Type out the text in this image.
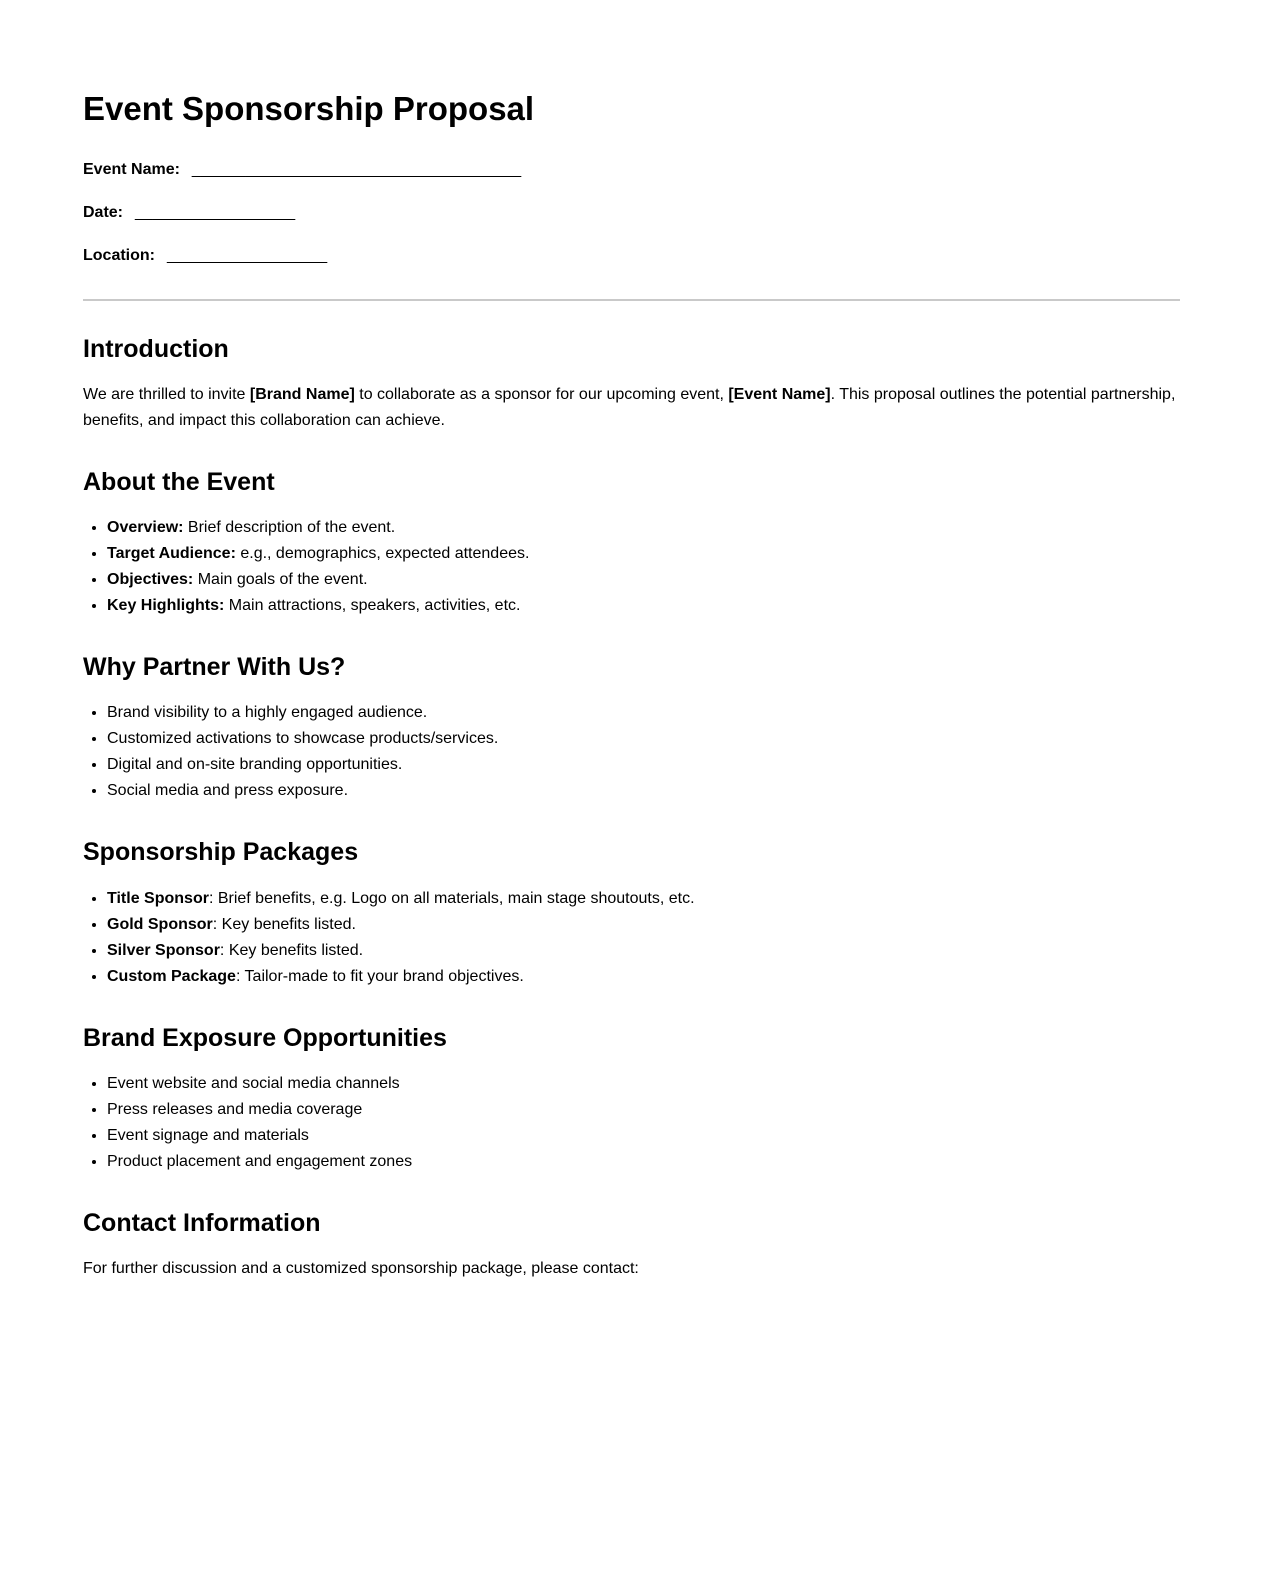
Event Sponsorship Proposal

Event Name: _____________________________________

Date: __________________

Location: __________________

Introduction

We are thrilled to invite [Brand Name] to collaborate as a sponsor for our upcoming event, [Event Name]. This proposal outlines the potential partnership, benefits, and impact this collaboration can achieve.

About the Event
• Overview: Brief description of the event.
• Target Audience: e.g., demographics, expected attendees.
• Objectives: Main goals of the event.
• Key Highlights: Main attractions, speakers, activities, etc.
Why Partner With Us?
• Brand visibility to a highly engaged audience.
• Customized activations to showcase products/services.
• Digital and on-site branding opportunities.
• Social media and press exposure.
Sponsorship Packages
• Title Sponsor: Brief benefits, e.g. Logo on all materials, main stage shoutouts, etc.
• Gold Sponsor: Key benefits listed.
• Silver Sponsor: Key benefits listed.
• Custom Package: Tailor-made to fit your brand objectives.
Brand Exposure Opportunities
• Event website and social media channels
• Press releases and media coverage
• Event signage and materials
• Product placement and engagement zones
Contact Information

For further discussion and a customized sponsorship package, please contact:
